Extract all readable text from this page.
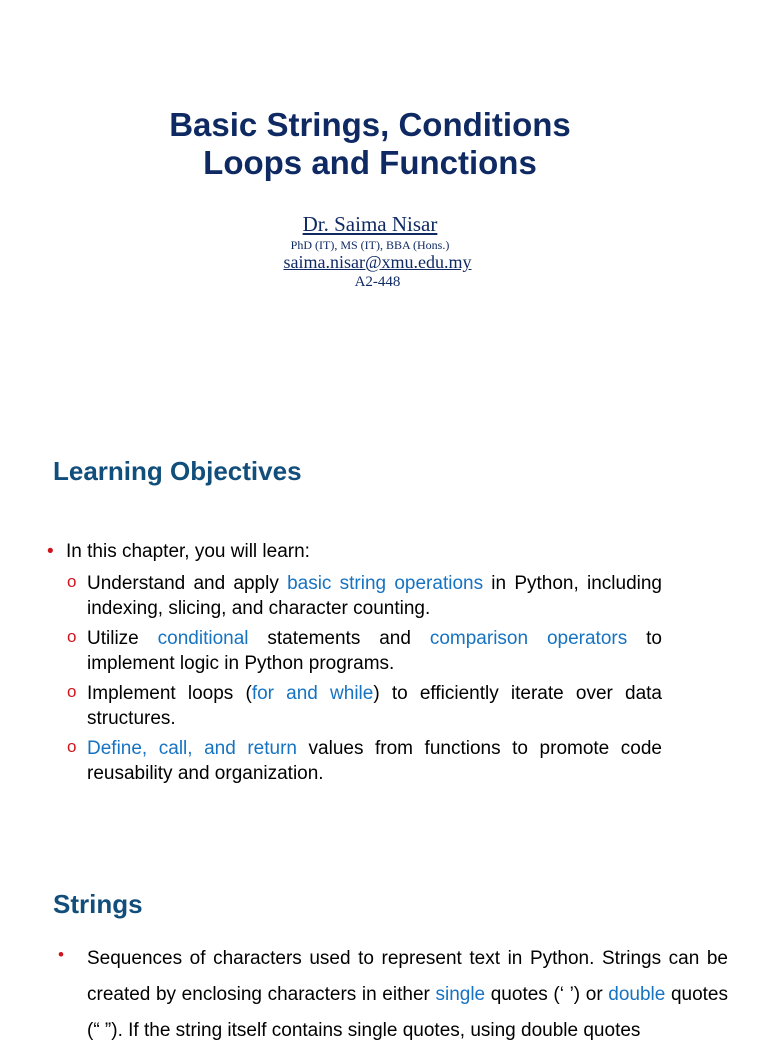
Basic Strings, Conditions
Loops and Functions
Dr. Saima Nisar
PhD (IT), MS (IT), BBA (Hons.)
saima.nisar@xmu.edu.my
A2-448
Learning Objectives
• In this chapter, you will learn:
o Understand and apply basic string operations in Python, including indexing, slicing, and character counting.
o Utilize conditional statements and comparison operators to implement logic in Python programs.
o Implement loops (for and while) to efficiently iterate over data structures.
o Define, call, and return values from functions to promote code reusability and organization.
Strings
• Sequences of characters used to represent text in Python. Strings can be created by enclosing characters in either single quotes (‘ ’) or double quotes (“ ”). If the string itself contains single quotes, using double quotes
